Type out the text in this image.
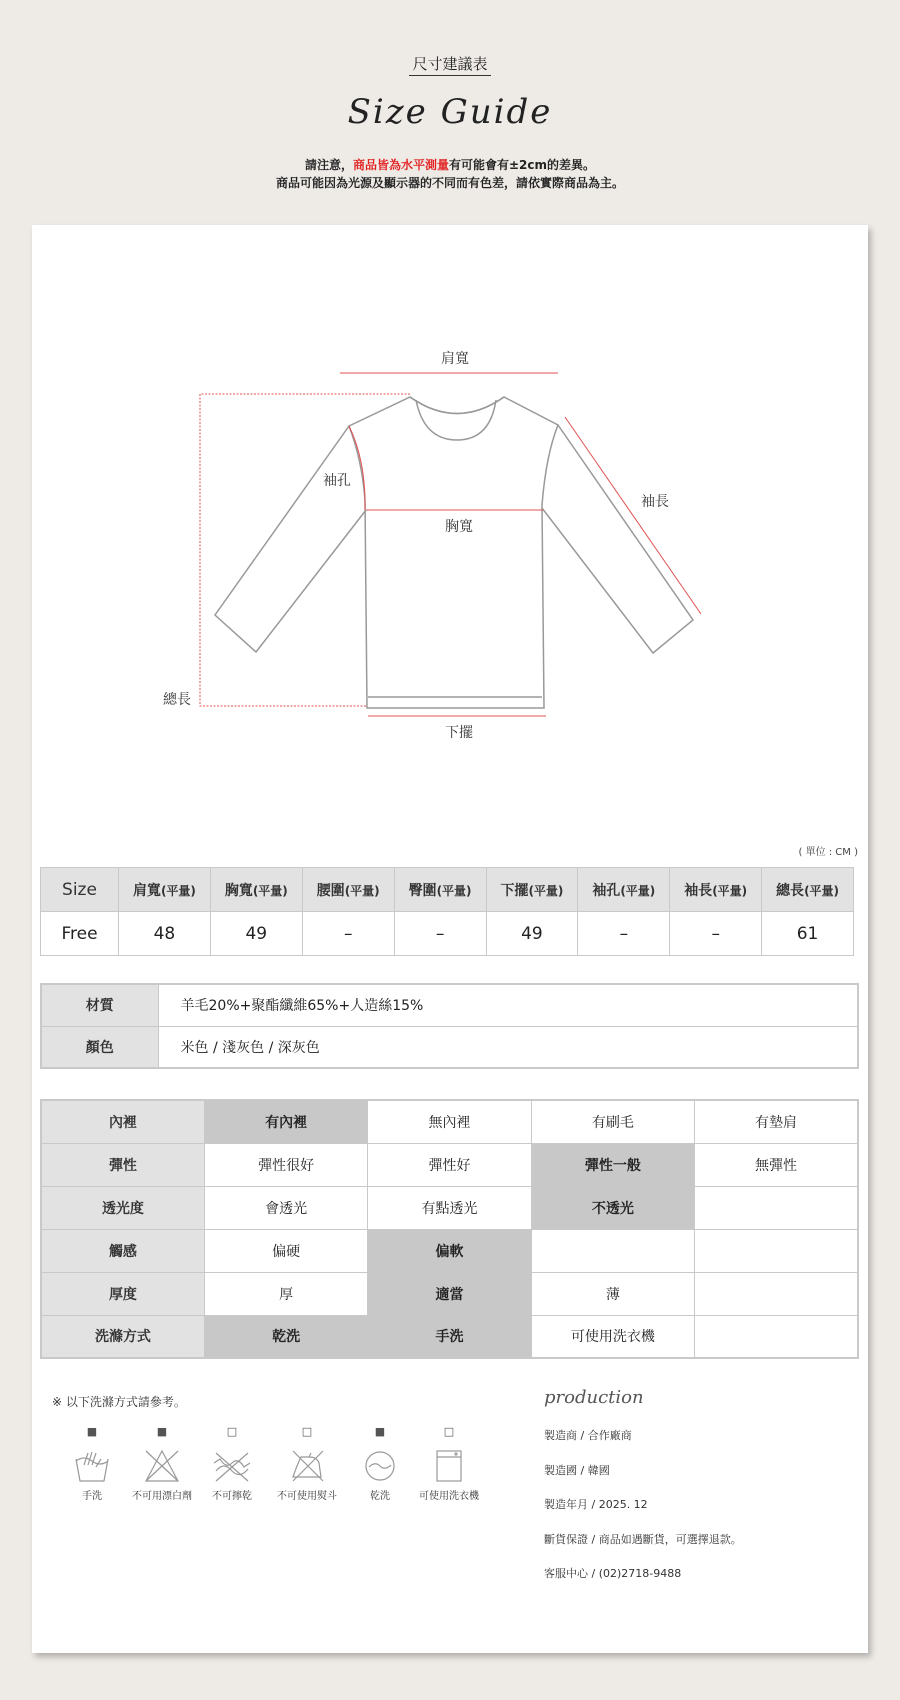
尺寸建議表
Size Guide
請注意，商品皆為水平測量有可能會有±2cm的差異。
商品可能因為光源及顯示器的不同而有色差，請依實際商品為主。
肩寬
袖孔
袖長
胸寬
總長
下擺
( 單位 : CM )
Size	肩寬(平量)	胸寬(平量)	腰圍(平量)	臀圍(平量)	下擺(平量)	袖孔(平量)	袖長(平量)	總長(平量)
Free	48	49	–	–	49	–	–	61
材質	羊毛20%+聚酯纖維65%+人造絲15%
顏色	米色 / 淺灰色 / 深灰色
內裡	有內裡	無內裡	有刷毛	有墊肩
彈性	彈性很好	彈性好	彈性一般	無彈性
透光度	會透光	有點透光	不透光	
觸感	偏硬	偏軟		
厚度	厚	適當	薄	
洗滌方式	乾洗	手洗	可使用洗衣機	
※ 以下洗滌方式請參考。
■
手洗
■
不可用漂白劑
□
不可擰乾
□
不可使用熨斗
■
乾洗
□
可使用洗衣機
production
製造商 / 合作廠商
製造國 / 韓國
製造年月 / 2025. 12
斷貨保證 / 商品如遇斷貨，可選擇退款。
客服中心 / (02)2718-9488
